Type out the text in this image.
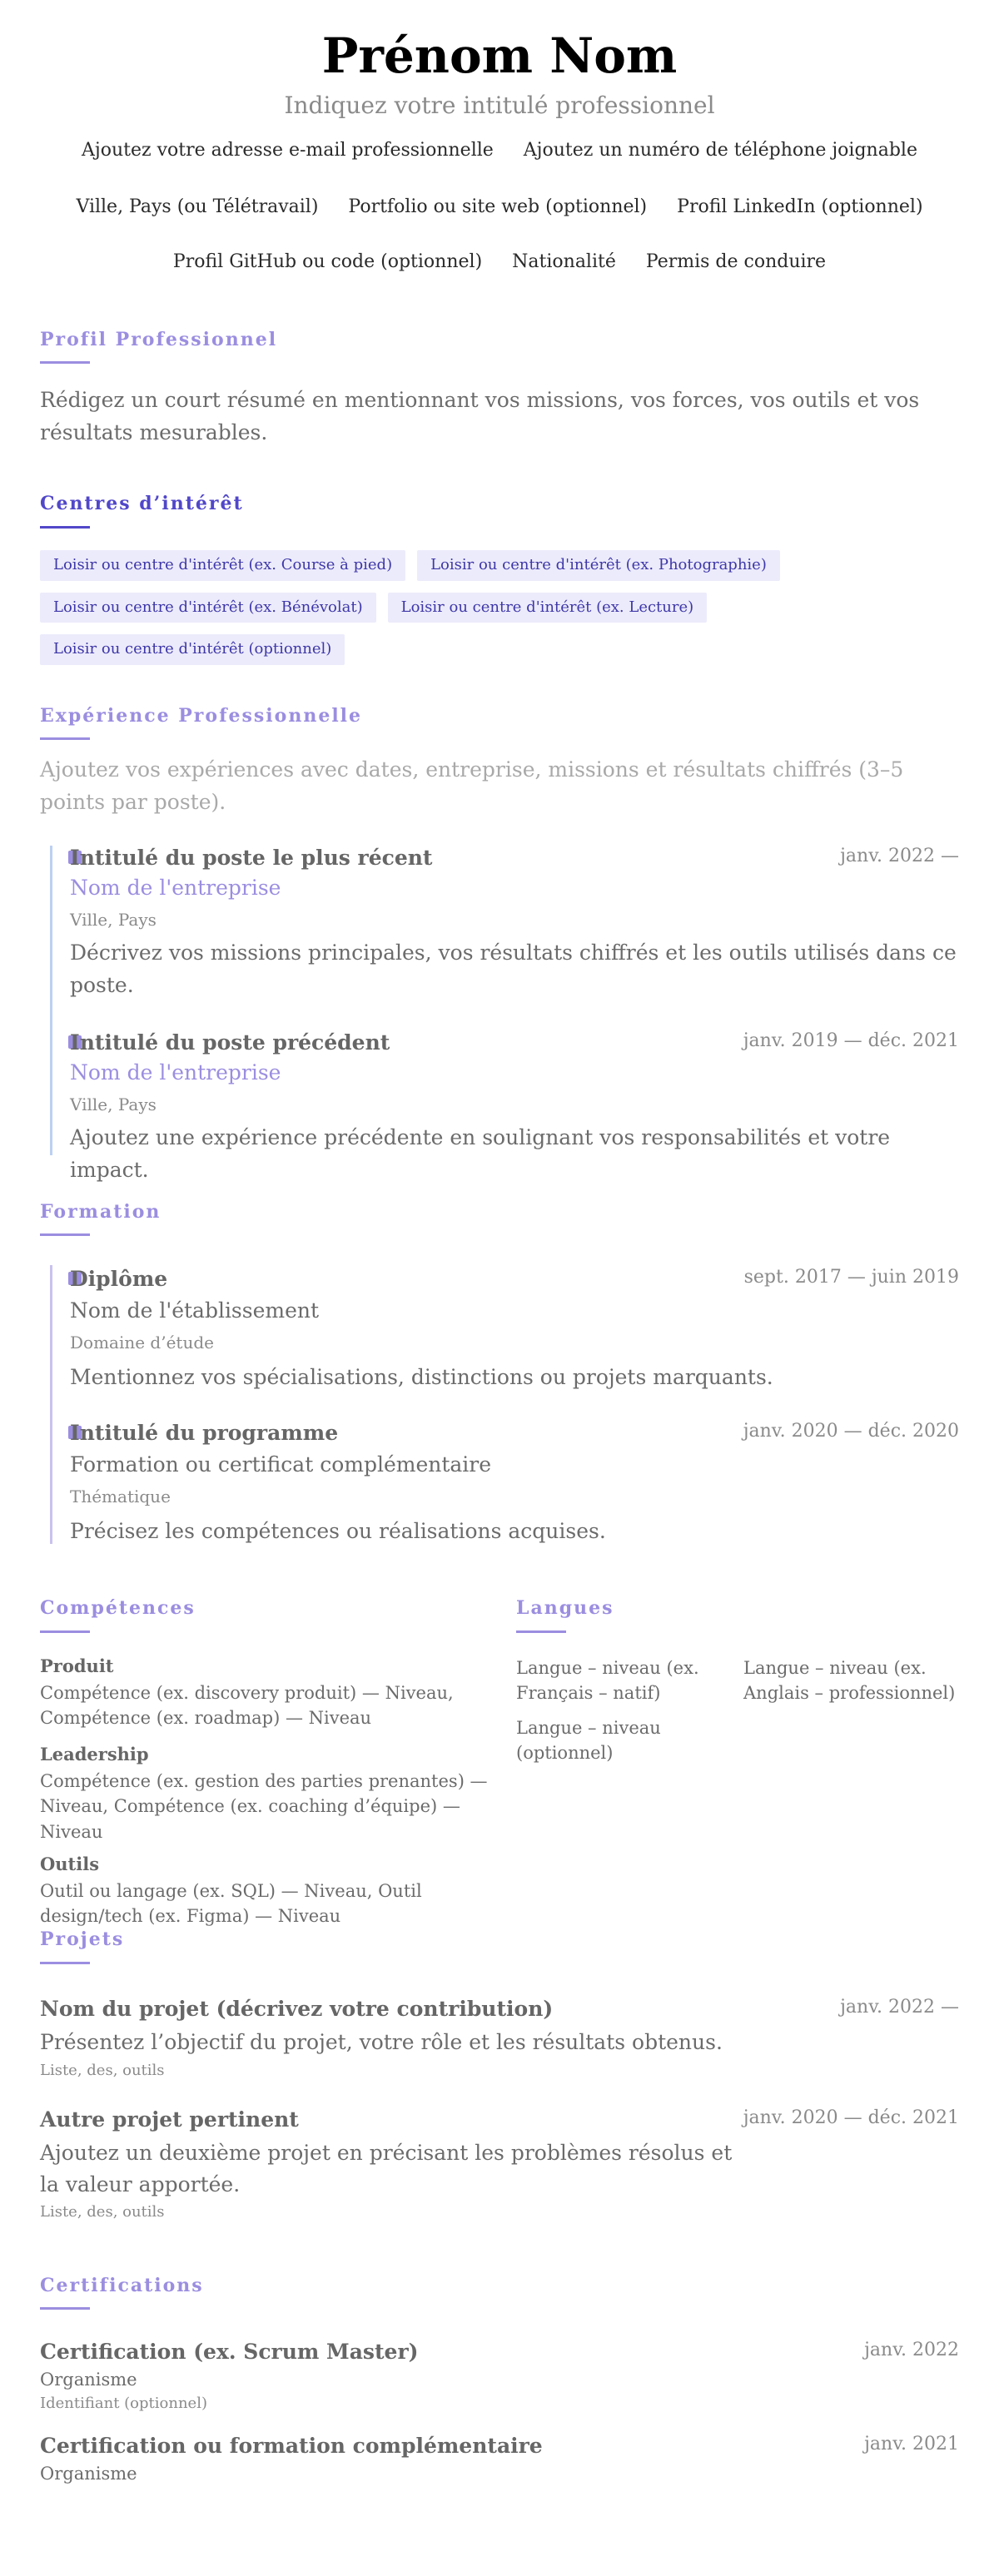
Prénom Nom
Indiquez votre intitulé professionnel
Ajoutez votre adresse e-mail professionnelle Ajoutez un numéro de téléphone joignable
Ville, Pays (ou Télétravail) Portfolio ou site web (optionnel) Profil LinkedIn (optionnel)
Profil GitHub ou code (optionnel) Nationalité Permis de conduire
Profil Professionnel
Rédigez un court résumé en mentionnant vos missions, vos forces, vos outils et vos résultats mesurables.
Centres d’intérêt
Loisir ou centre d'intérêt (ex. Course à pied)	Loisir ou centre d'intérêt (ex. Photographie)
Loisir ou centre d'intérêt (ex. Bénévolat)	Loisir ou centre d'intérêt (ex. Lecture)
Loisir ou centre d'intérêt (optionnel)
Expérience Professionnelle
Ajoutez vos expériences avec dates, entreprise, missions et résultats chiffrés (3–5 points par poste).
Intitulé du poste le plus récent	janv. 2022 —
Nom de l'entreprise
Ville, Pays
Décrivez vos missions principales, vos résultats chiffrés et les outils utilisés dans ce poste.
Intitulé du poste précédent	janv. 2019 — déc. 2021
Nom de l'entreprise
Ville, Pays
Ajoutez une expérience précédente en soulignant vos responsabilités et votre impact.
Formation
Diplôme	sept. 2017 — juin 2019
Nom de l'établissement
Domaine d’étude
Mentionnez vos spécialisations, distinctions ou projets marquants.
Intitulé du programme	janv. 2020 — déc. 2020
Formation ou certificat complémentaire
Thématique
Précisez les compétences ou réalisations acquises.
Compétences
Produit
Compétence (ex. discovery produit) — Niveau, Compétence (ex. roadmap) — Niveau
Leadership
Compétence (ex. gestion des parties prenantes) — Niveau, Compétence (ex. coaching d’équipe) — Niveau
Outils
Outil ou langage (ex. SQL) — Niveau, Outil design/tech (ex. Figma) — Niveau
Langues
Langue – niveau (ex. Français – natif)
Langue – niveau (ex. Anglais – professionnel)
Langue – niveau (optionnel)
Projets
Nom du projet (décrivez votre contribution)	janv. 2022 —
Présentez l’objectif du projet, votre rôle et les résultats obtenus.
Liste, des, outils
Autre projet pertinent	janv. 2020 — déc. 2021
Ajoutez un deuxième projet en précisant les problèmes résolus et la valeur apportée.
Liste, des, outils
Certifications
Certification (ex. Scrum Master)	janv. 2022
Organisme
Identifiant (optionnel)
Certification ou formation complémentaire	janv. 2021
Organisme
